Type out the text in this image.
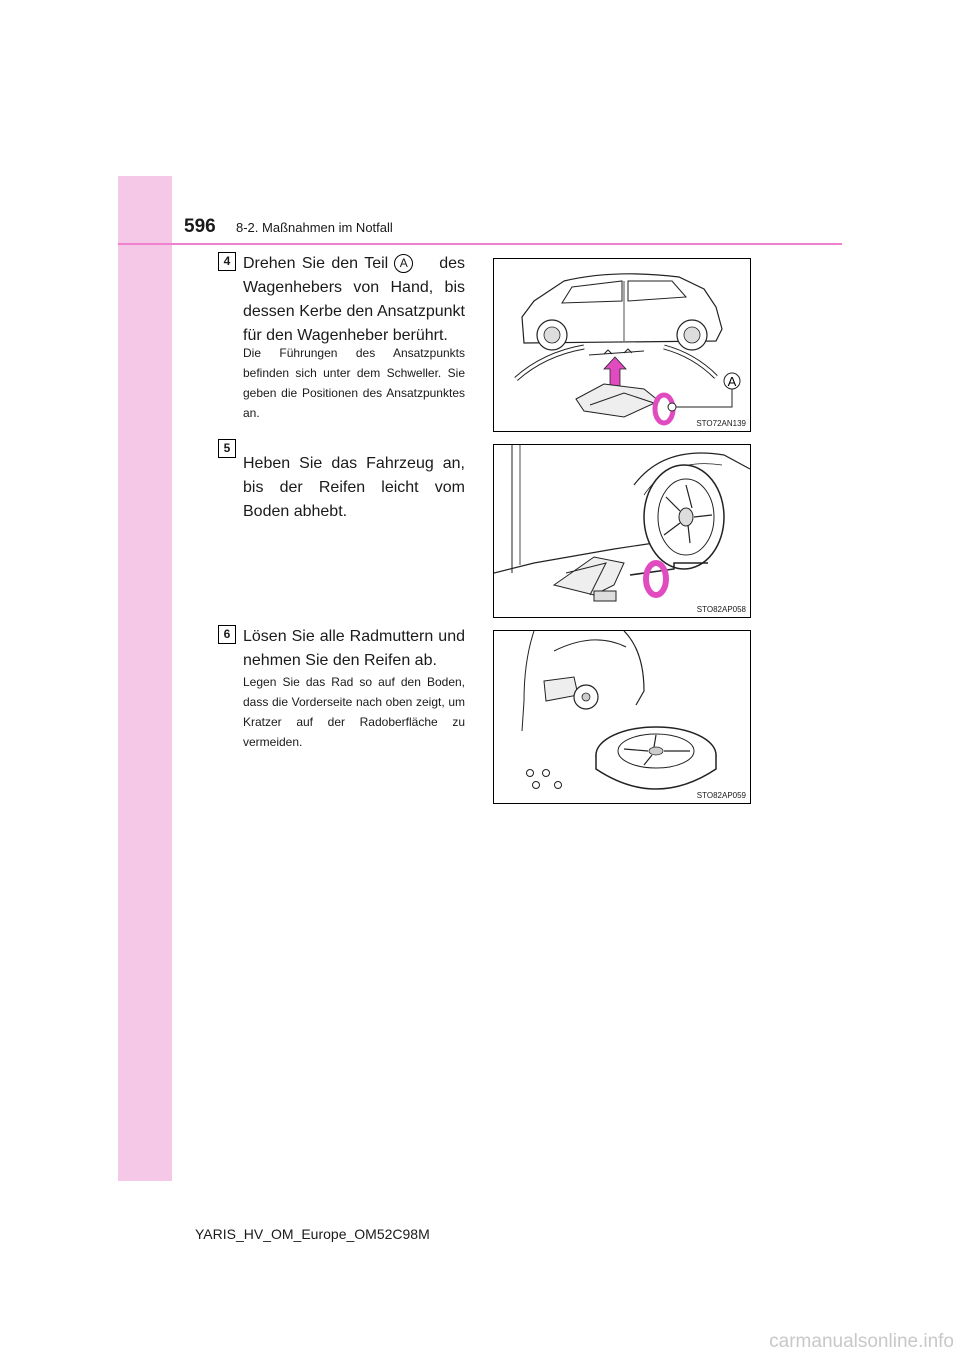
596 8-2. Maßnahmen im Notfall
4 Drehen Sie den Teil A des Wagenhebers von Hand, bis dessen Kerbe den Ansatzpunkt für den Wagenheber berührt.
Die Führungen des Ansatzpunkts befinden sich unter dem Schweller. Sie geben die Positionen des Ansatzpunktes an.
A
STO72AN139
5
Heben Sie das Fahrzeug an, bis der Reifen leicht vom Boden abhebt.
STO82AP058
6 Lösen Sie alle Radmuttern und nehmen Sie den Reifen ab.
Legen Sie das Rad so auf den Boden, dass die Vorderseite nach oben zeigt, um Kratzer auf der Radoberfläche zu vermeiden.
STO82AP059
YARIS_HV_OM_Europe_OM52C98M
carmanualsonline.info
